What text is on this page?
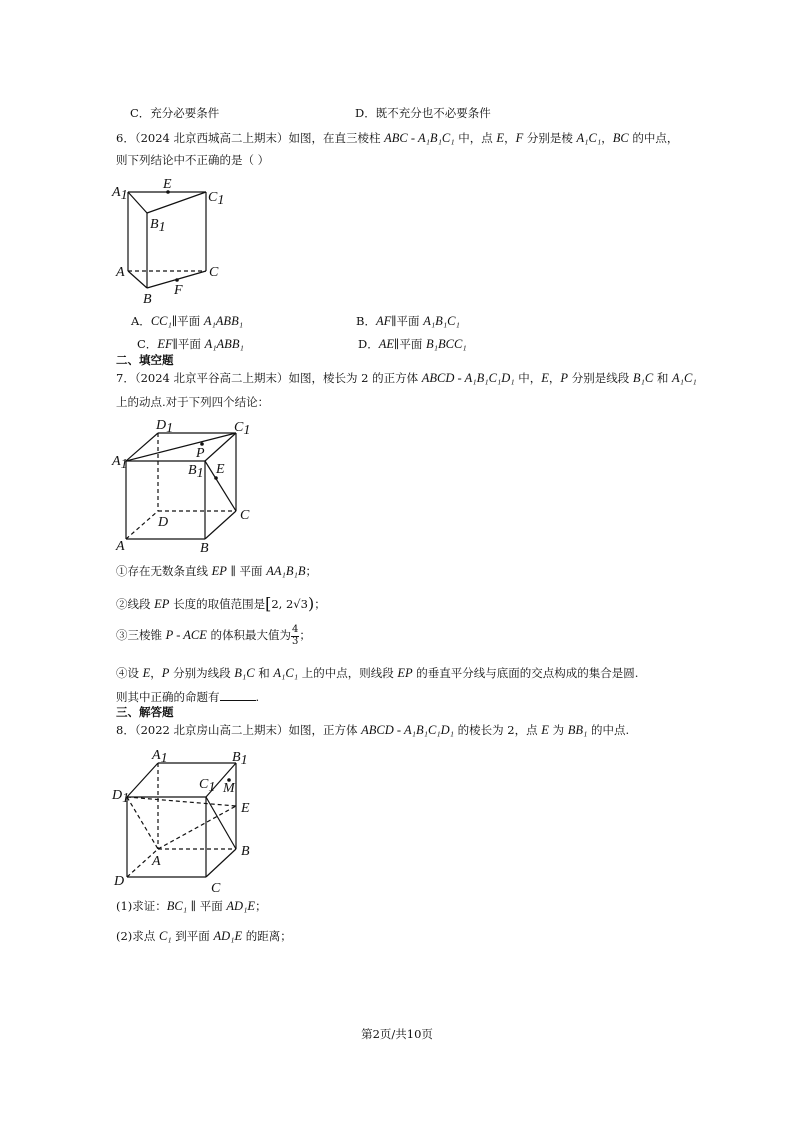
C．充分必要条件	D．既不充分也不必要条件
6．（2024 北京西城高二上期末）如图，在直三棱柱 ABC - A₁B₁C₁ 中，点 E，F 分别是棱 A₁C₁，BC 的中点，
则下列结论中不正确的是（ ）
A1
E
C1
B1
A	C
F
B
A．CC₁∥平面 A₁ABB₁	B．AF∥平面 A₁B₁C₁
C．EF∥平面 A₁ABB₁	D．AE∥平面 B₁BCC₁
二、填空题
7．（2024 北京平谷高二上期末）如图，棱长为 2 的正方体 ABCD - A₁B₁C₁D₁ 中，E，P 分别是线段 B₁C 和 A₁C₁
上的动点.对于下列四个结论：
D1	C1
A1
P
B1 E
C
D
A	B
①存在无数条直线 EP ∥ 平面 AA₁B₁B；
②线段 EP 长度的取值范围是[2, 2√3)；
③三棱锥 P - ACE 的体积最大值为 $\frac{4}{3}$ ；
④设 E，P 分别为线段 B₁C 和 A₁C₁ 上的中点，则线段 EP 的垂直平分线与底面的交点构成的集合是圆.
则其中正确的命题有	.
三、解答题
8．（2022 北京房山高二上期末）如图，正方体 ABCD - A₁B₁C₁D₁ 的棱长为 2，点 E 为 BB₁ 的中点.
A1	B1
C1 M
D1
E
A
B
D	C
(1)求证：BC₁ ∥ 平面 AD₁E；
(2)求点 C₁ 到平面 AD₁E 的距离；
第2页/共10页
